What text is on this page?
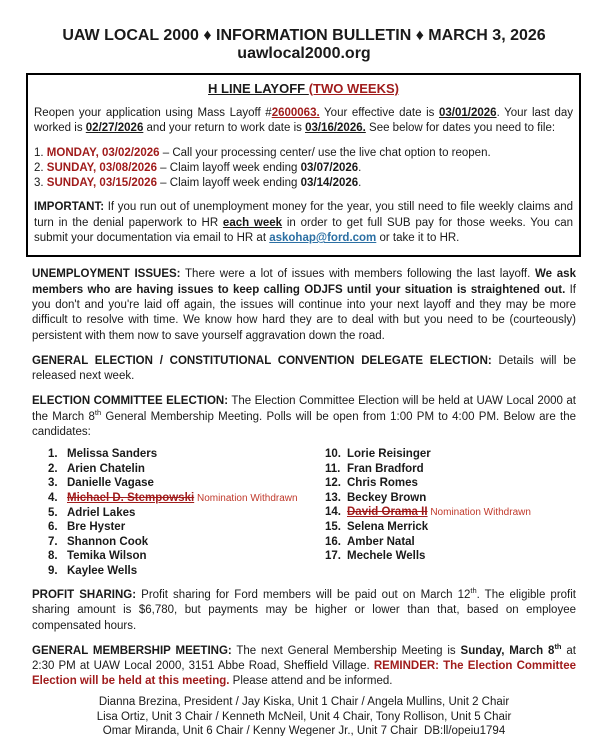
UAW LOCAL 2000 ♦ INFORMATION BULLETIN ♦ MARCH 3, 2026
uawlocal2000.org
H LINE LAYOFF (TWO WEEKS)
Reopen your application using Mass Layoff #2600063. Your effective date is 03/01/2026. Your last day worked is 02/27/2026 and your return to work date is 03/16/2026. See below for dates you need to file:
1. MONDAY, 03/02/2026 – Call your processing center/ use the live chat option to reopen.
2. SUNDAY, 03/08/2026 – Claim layoff week ending 03/07/2026.
3. SUNDAY, 03/15/2026 – Claim layoff week ending 03/14/2026.
IMPORTANT: If you run out of unemployment money for the year, you still need to file weekly claims and turn in the denial paperwork to HR each week in order to get full SUB pay for those weeks. You can submit your documentation via email to HR at askohap@ford.com or take it to HR.
UNEMPLOYMENT ISSUES: There were a lot of issues with members following the last layoff. We ask members who are having issues to keep calling ODJFS until your situation is straightened out. If you don't and you're laid off again, the issues will continue into your next layoff and they may be more difficult to resolve with time. We know how hard they are to deal with but you need to be (courteously) persistent with them now to save yourself aggravation down the road.
GENERAL ELECTION / CONSTITUTIONAL CONVENTION DELEGATE ELECTION: Details will be released next week.
ELECTION COMMITTEE ELECTION: The Election Committee Election will be held at UAW Local 2000 at the March 8th General Membership Meeting. Polls will be open from 1:00 PM to 4:00 PM. Below are the candidates:
1. Melissa Sanders
2. Arien Chatelin
3. Danielle Vagase
4. Michael D. Stempowski Nomination Withdrawn
5. Adriel Lakes
6. Bre Hyster
7. Shannon Cook
8. Temika Wilson
9. Kaylee Wells
10. Lorie Reisinger
11. Fran Bradford
12. Chris Romes
13. Beckey Brown
14. David Orama II Nomination Withdrawn
15. Selena Merrick
16. Amber Natal
17. Mechele Wells
PROFIT SHARING: Profit sharing for Ford members will be paid out on March 12th. The eligible profit sharing amount is $6,780, but payments may be higher or lower than that, based on employee compensated hours.
GENERAL MEMBERSHIP MEETING: The next General Membership Meeting is Sunday, March 8th at 2:30 PM at UAW Local 2000, 3151 Abbe Road, Sheffield Village. REMINDER: The Election Committee Election will be held at this meeting. Please attend and be informed.
Dianna Brezina, President / Jay Kiska, Unit 1 Chair / Angela Mullins, Unit 2 Chair
Lisa Ortiz, Unit 3 Chair / Kenneth McNeil, Unit 4 Chair, Tony Rollison, Unit 5 Chair
Omar Miranda, Unit 6 Chair / Kenny Wegener Jr., Unit 7 Chair  DB:ll/opeiu1794
